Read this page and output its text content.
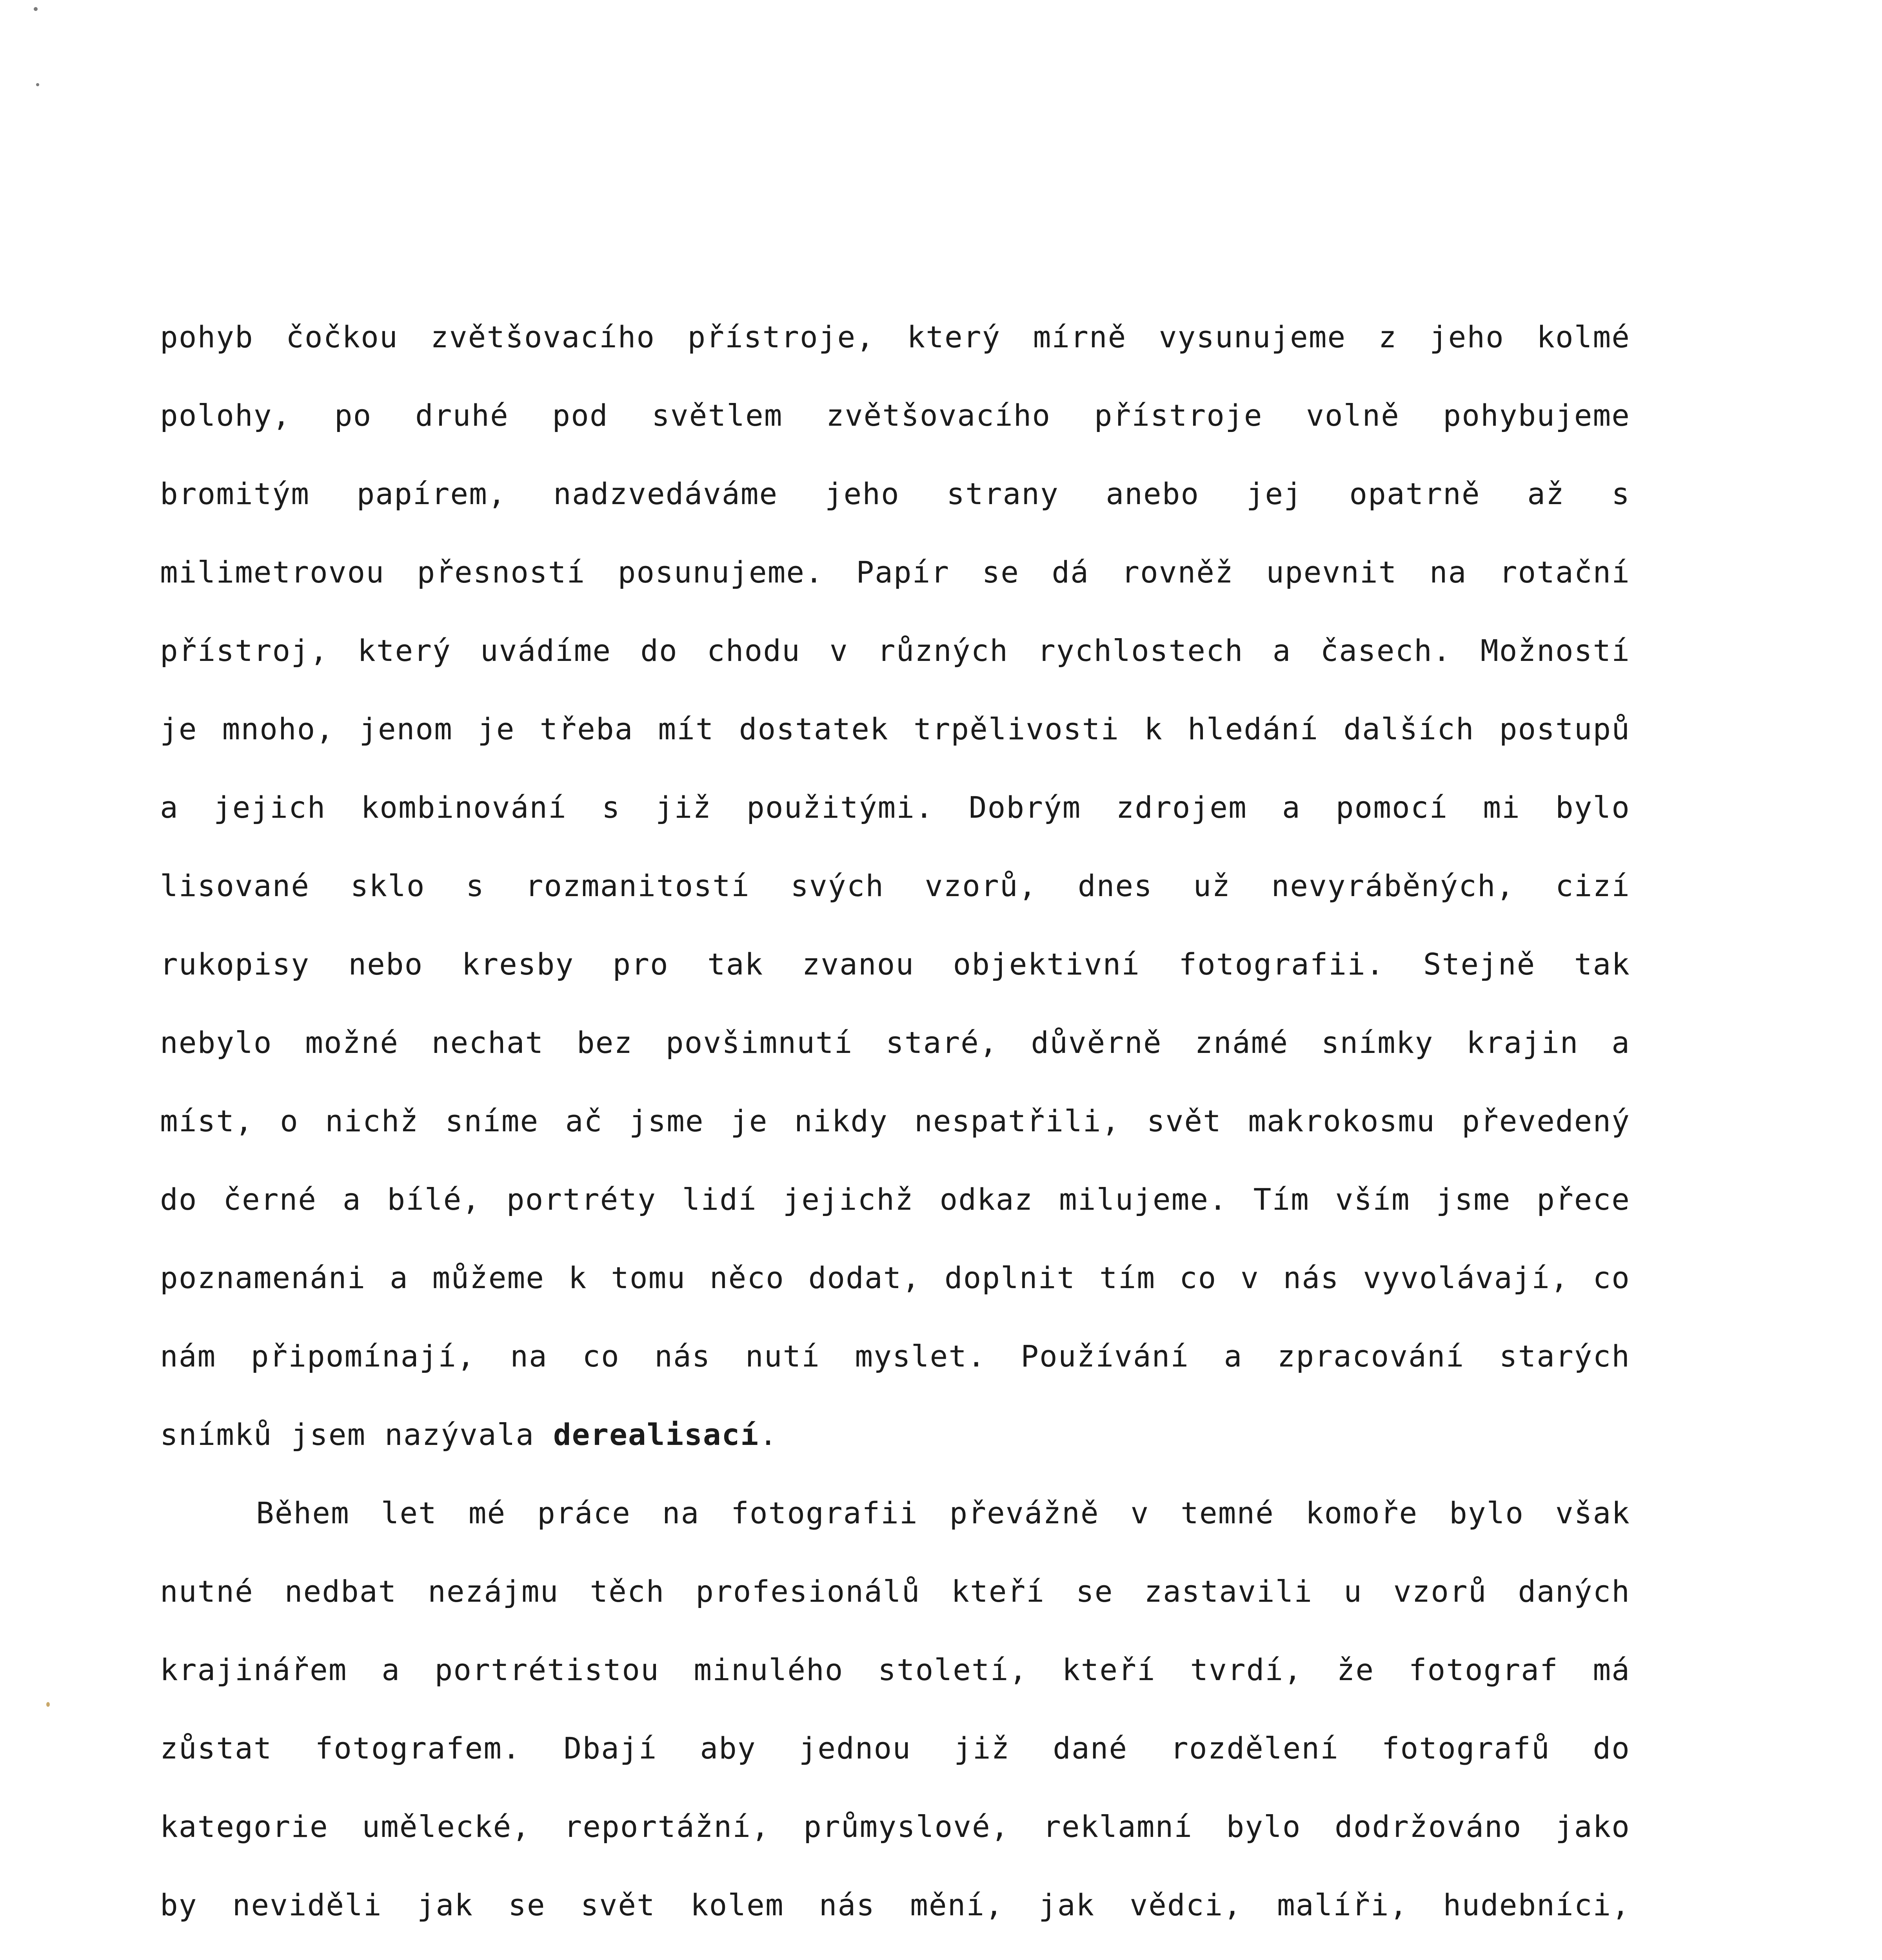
pohyb čočkou zvětšovacího přístroje, který mírně vysunujeme z jeho kolmé
polohy, po druhé pod světlem zvětšovacího přístroje volně pohybujeme
bromitým papírem, nadzvedáváme jeho strany anebo jej opatrně až s
milimetrovou přesností posunujeme. Papír se dá rovněž upevnit na rotační
přístroj, který uvádíme do chodu v různých rychlostech a časech. Možností
je mnoho, jenom je třeba mít dostatek trpělivosti k hledání dalších postupů
a jejich kombinování s již použitými. Dobrým zdrojem a pomocí mi bylo
lisované sklo s rozmanitostí svých vzorů, dnes už nevyráběných, cizí
rukopisy nebo kresby pro tak zvanou objektivní fotografii. Stejně tak
nebylo možné nechat bez povšimnutí staré, důvěrně známé snímky krajin a
míst, o nichž sníme ač jsme je nikdy nespatřili, svět makrokosmu převedený
do černé a bílé, portréty lidí jejichž odkaz milujeme. Tím vším jsme přece
poznamenáni a můžeme k tomu něco dodat, doplnit tím co v nás vyvolávají, co
nám připomínají, na co nás nutí myslet. Používání a zpracování starých
snímků jsem nazývala derealisací.
Během let mé práce na fotografii převážně v temné komoře bylo však
nutné nedbat nezájmu těch profesionálů kteří se zastavili u vzorů daných
krajinářem a portrétistou minulého století, kteří tvrdí, že fotograf má
zůstat fotografem. Dbají aby jednou již dané rozdělení fotografů do
kategorie umělecké, reportážní, průmyslové, reklamní bylo dodržováno jako
by neviděli jak se svět kolem nás mění, jak vědci, malíři, hudebníci,
